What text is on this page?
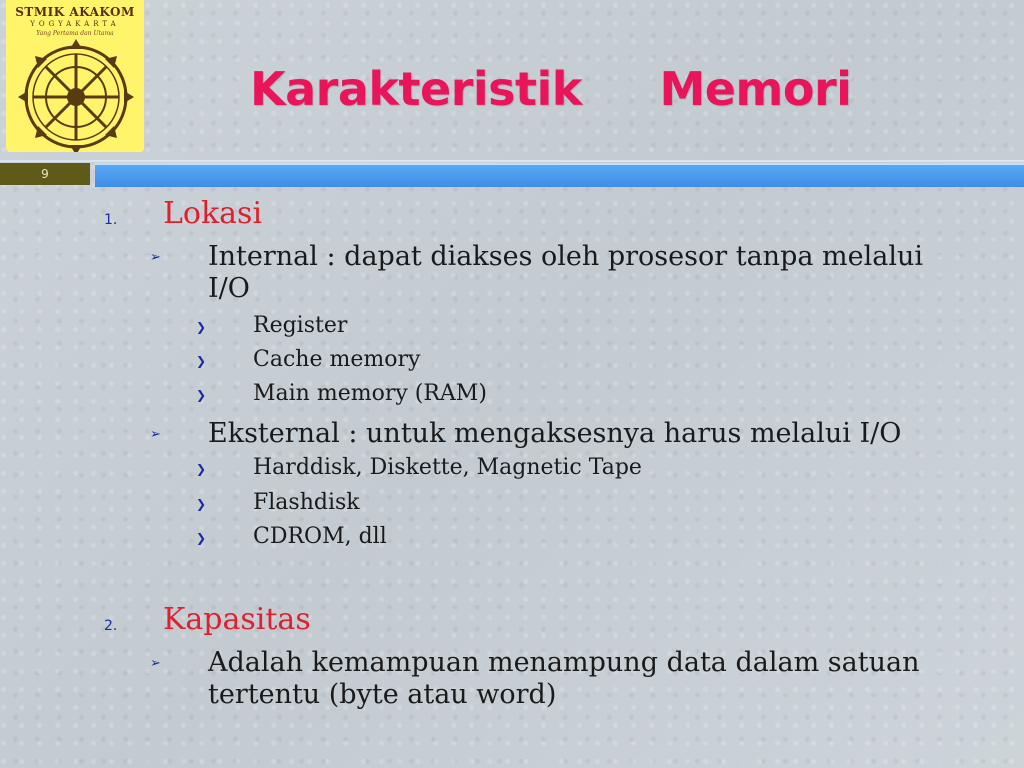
STMIK AKAKOM
YOGYAKARTA
Yang Pertama dan Utama
Karakteristik     Memori
9
1. Lokasi
➢ Internal : dapat diakses oleh prosesor tanpa melalui
I/O
❯ Register
❯ Cache memory
❯ Main memory (RAM)
➢ Eksternal : untuk mengaksesnya harus melalui I/O
❯ Harddisk, Diskette, Magnetic Tape
❯ Flashdisk
❯ CDROM, dll
2. Kapasitas
➢ Adalah kemampuan menampung data dalam satuan
tertentu (byte atau word)
